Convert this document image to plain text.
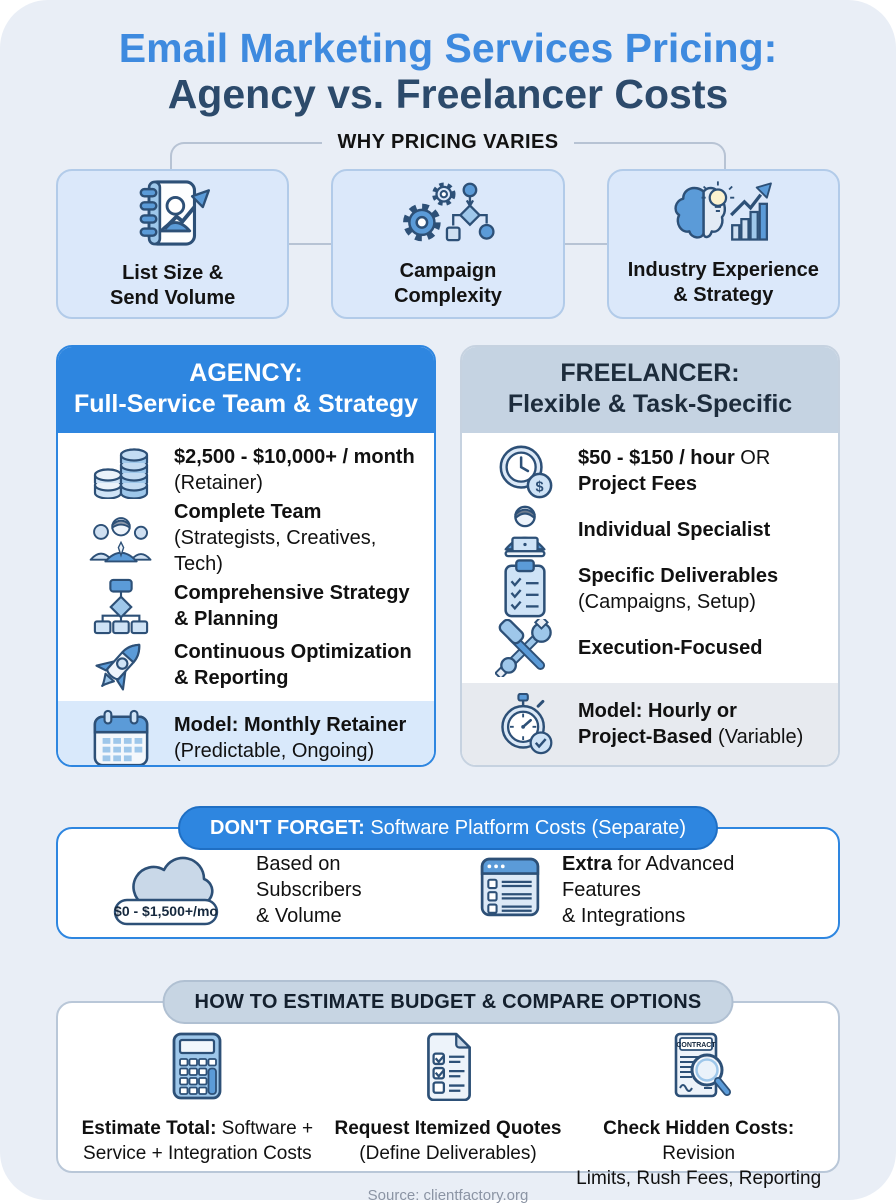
Email Marketing Services Pricing:
Agency vs. Freelancer Costs
WHY PRICING VARIES
List Size &
Send Volume
Campaign
Complexity
Industry Experience
& Strategy
AGENCY:
Full-Service Team & Strategy
$2,500 - $10,000+ / month
(Retainer)
Complete Team
(Strategists, Creatives, Tech)
Comprehensive Strategy
& Planning
Continuous Optimization
& Reporting
Model: Monthly Retainer
(Predictable, Ongoing)
FREELANCER:
Flexible & Task-Specific
$
$50 - $150 / hour OR
Project Fees
Individual Specialist
Specific Deliverables
(Campaigns, Setup)
Execution-Focused
Model: Hourly or
Project-Based (Variable)
DON'T FORGET: Software Platform Costs (Separate)
$0 - $1,500+/mo
Based on Subscribers
& Volume
Extra for Advanced Features
& Integrations
HOW TO ESTIMATE BUDGET & COMPARE OPTIONS
Estimate Total: Software +
Service + Integration Costs
Request Itemized Quotes
(Define Deliverables)
CONTRACT
Check Hidden Costs: Revision
Limits, Rush Fees, Reporting
Source: clientfactory.org
